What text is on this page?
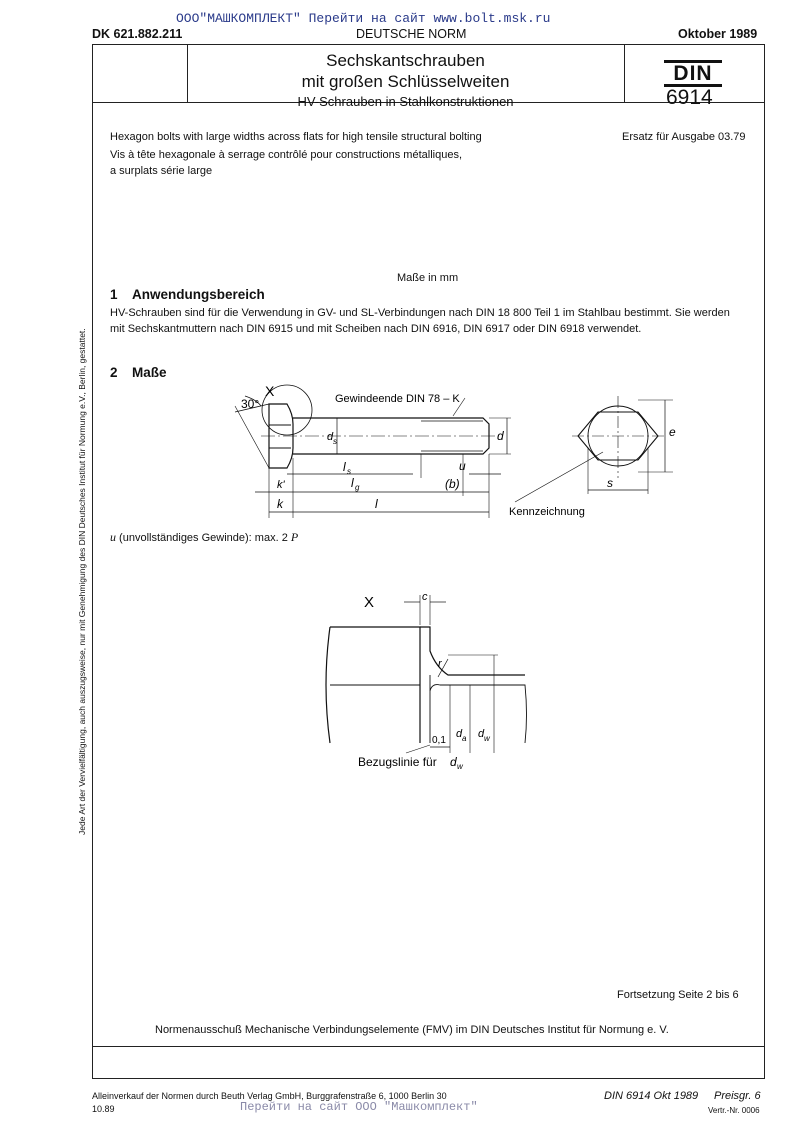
ООО"МАШКОМПЛЕКТ" Перейти на сайт www.bolt.msk.ru
DK 621.882.211	DEUTSCHE NORM	Oktober 1989
Sechskantschrauben
mit großen Schlüsselweiten
HV-Schrauben in Stahlkonstruktionen
DIN
6914
Hexagon bolts with large widths across flats for high tensile structural bolting
Vis à tête hexagonale à serrage contrôlé pour constructions métalliques,
a surplats série large
Ersatz für Ausgabe 03.79
Maße in mm
1 Anwendungsbereich
HV-Schrauben sind für die Verwendung in GV- und SL-Verbindungen nach DIN 18 800 Teil 1 im Stahlbau bestimmt. Sie werden
mit Sechskantmuttern nach DIN 6915 und mit Scheiben nach DIN 6916, DIN 6917 oder DIN 6918 verwendet.
2 Maße
30°
X	Gewindeende DIN 78 – K
d s	d	e
l s
l g
u
(b)
k'
k	l
s
Kennzeichnung
u (unvollständiges Gewinde): max. 2 P
X	c
r
0,1
d a d w
Bezugslinie für d w
Fortsetzung Seite 2 bis 6
Normenausschuß Mechanische Verbindungselemente (FMV) im DIN Deutsches Institut für Normung e. V.
Jede Art der Vervielfältigung, auch auszugsweise, nur mit Genehmigung des DIN Deutsches Institut für Normung e.V., Berlin, gestattet.
Alleinverkauf der Normen durch Beuth Verlag GmbH, Burggrafenstraße 6, 1000 Berlin 30
10.89	Перейти на сайт ООО "Машкомплект"
DIN 6914 Okt 1989 Preisgr. 6
Vertr.-Nr. 0006
